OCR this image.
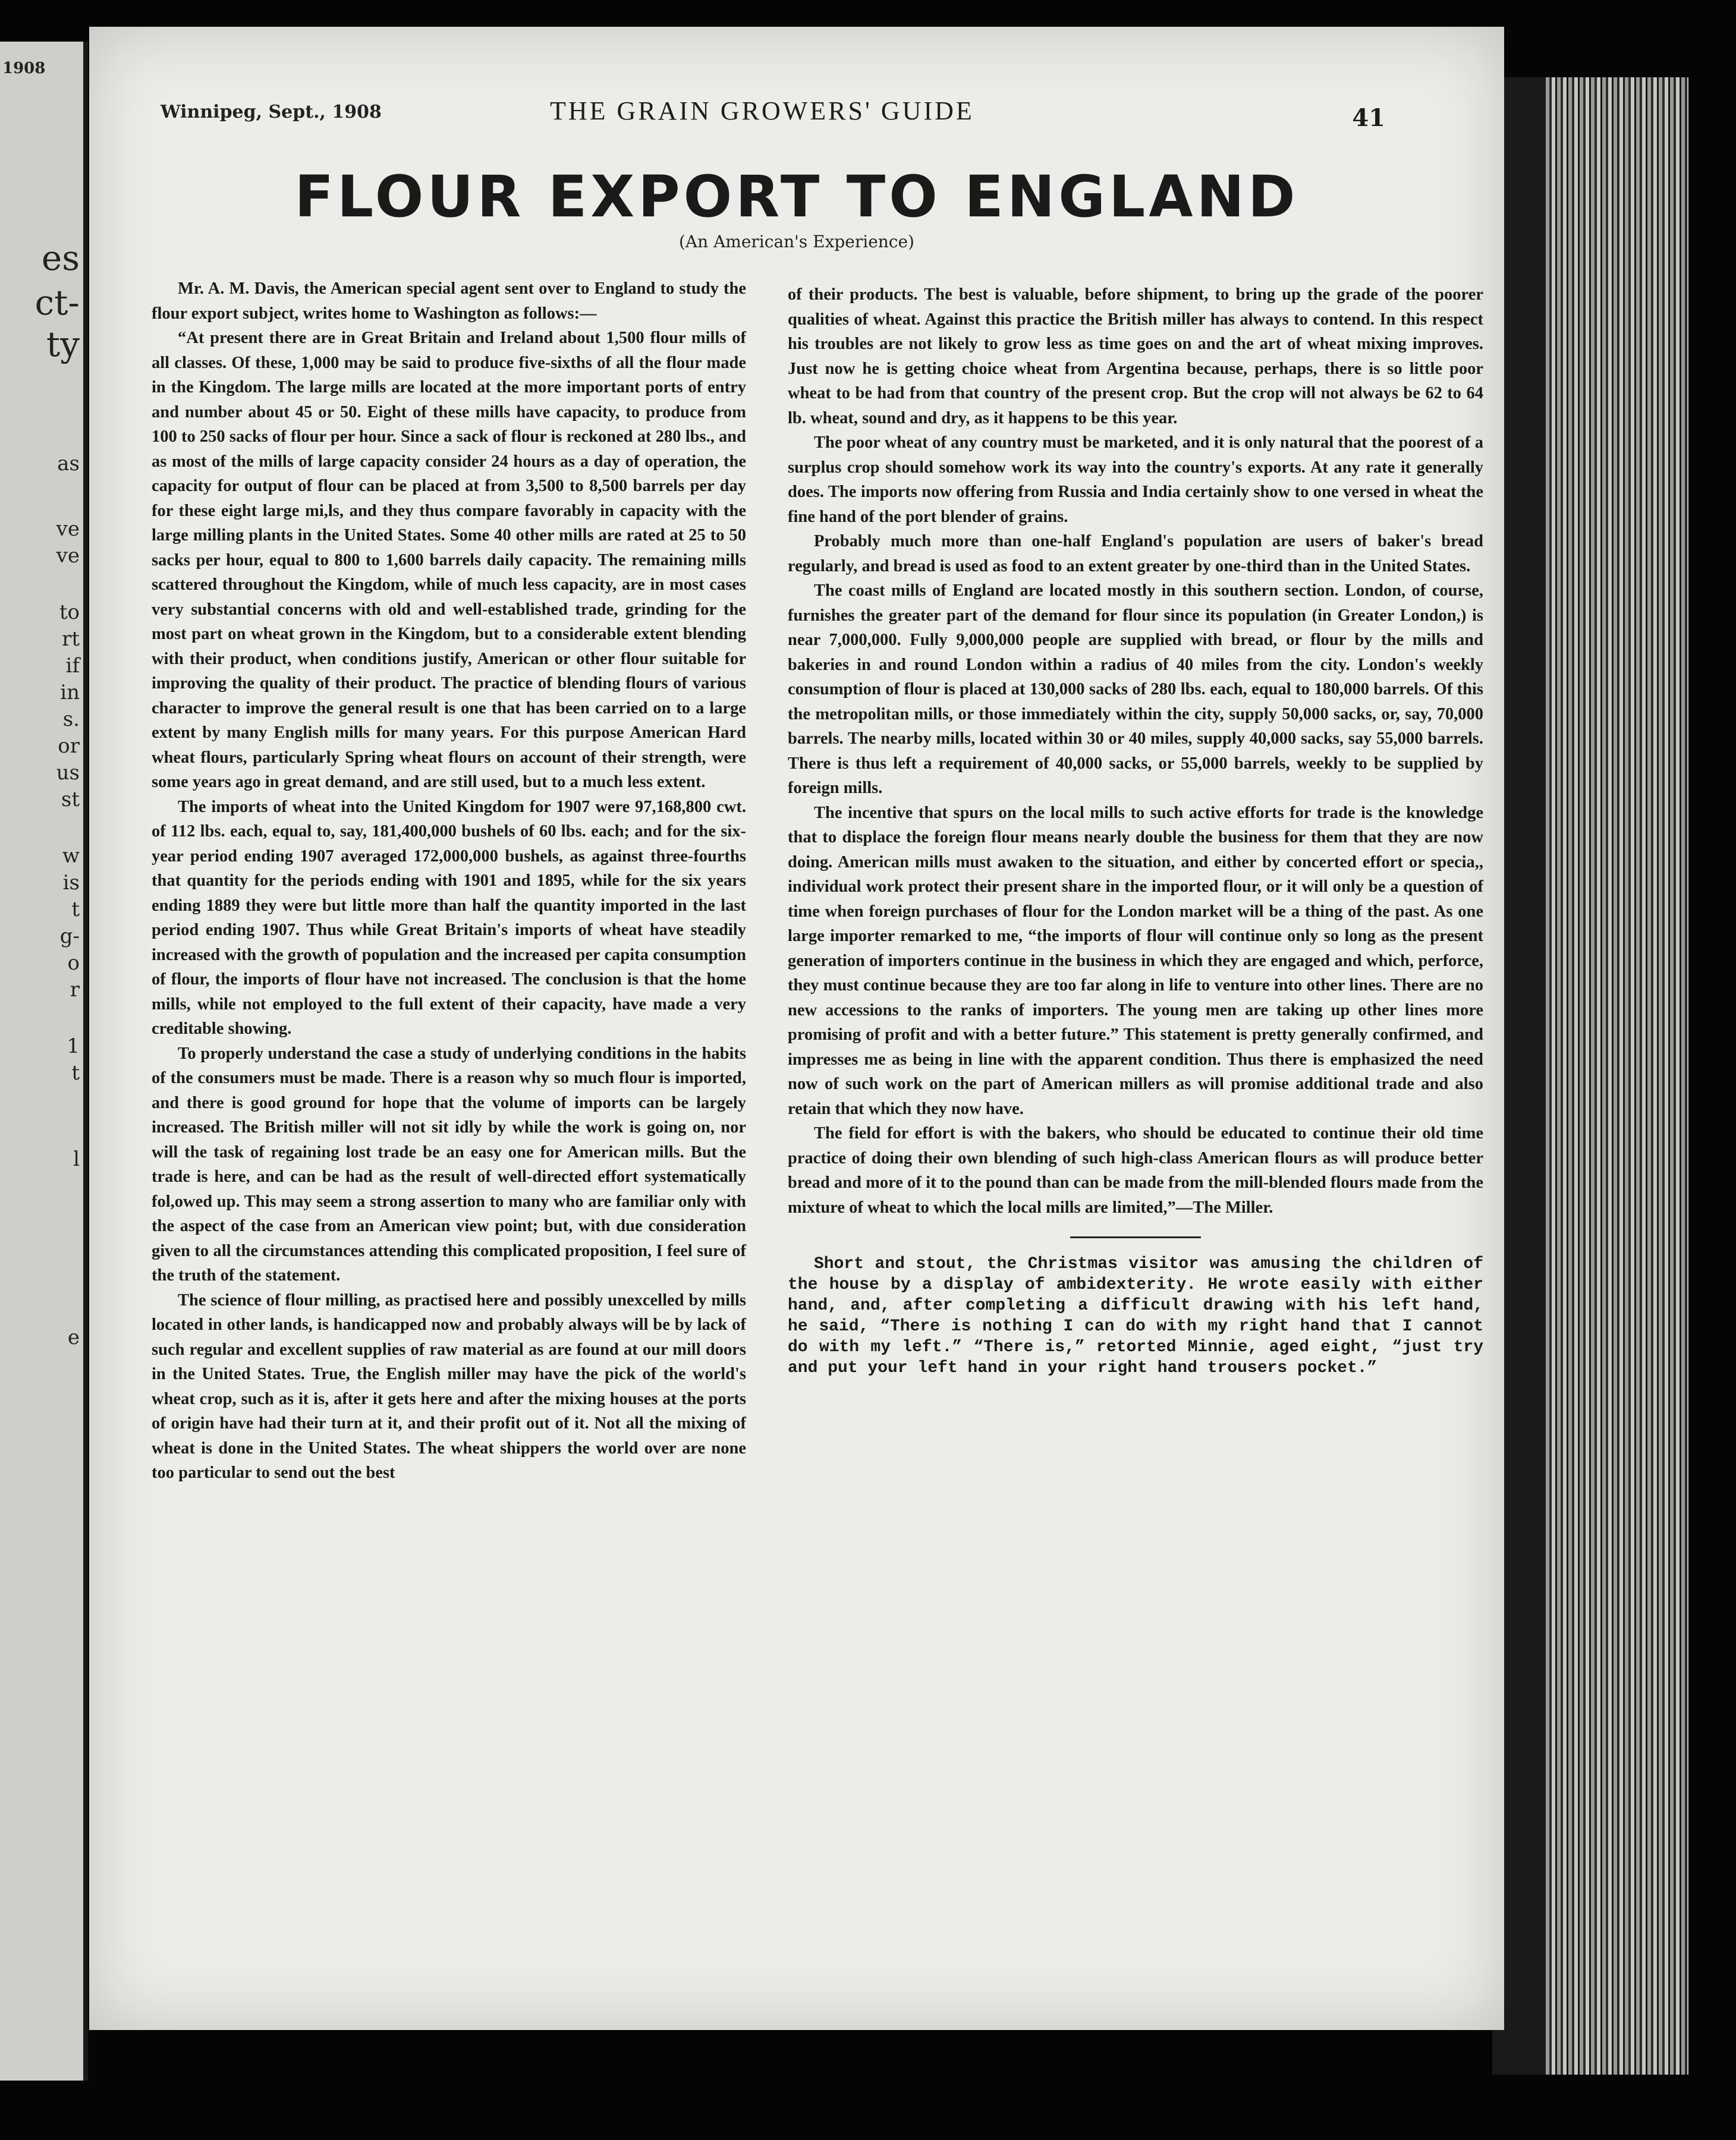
1908
es
ct-
ty
as
ve
ve
to
rt
if
in
s.
or
us
st
w
is
t
g-
o
r
1
t
l
e
Winnipeg, Sept., 1908	THE GRAIN GROWERS' GUIDE	41
FLOUR EXPORT TO ENGLAND
(An American's Experience)

Mr. A. M. Davis, the American special agent sent over to England to study the flour export subject, writes home to Washington as follows:—

“At present there are in Great Britain and Ireland about 1,500 flour mills of all classes. Of these, 1,000 may be said to produce five-sixths of all the flour made in the Kingdom. The large mills are located at the more important ports of entry and number about 45 or 50. Eight of these mills have capacity, to produce from 100 to 250 sacks of flour per hour. Since a sack of flour is reckoned at 280 lbs., and as most of the mills of large capacity consider 24 hours as a day of operation, the capacity for output of flour can be placed at from 3,500 to 8,500 barrels per day for these eight large mi,ls, and they thus compare favorably in capacity with the large milling plants in the United States. Some 40 other mills are rated at 25 to 50 sacks per hour, equal to 800 to 1,600 barrels daily capacity. The remaining mills scattered throughout the Kingdom, while of much less capacity, are in most cases very substantial concerns with old and well-established trade, grinding for the most part on wheat grown in the Kingdom, but to a considerable extent blending with their product, when conditions justify, American or other flour suitable for improving the quality of their product. The practice of blending flours of various character to improve the general result is one that has been carried on to a large extent by many English mills for many years. For this purpose American Hard wheat flours, particularly Spring wheat flours on account of their strength, were some years ago in great demand, and are still used, but to a much less extent.

The imports of wheat into the United Kingdom for 1907 were 97,168,800 cwt. of 112 lbs. each, equal to, say, 181,400,000 bushels of 60 lbs. each; and for the six-year period ending 1907 averaged 172,000,000 bushels, as against three-fourths that quantity for the periods ending with 1901 and 1895, while for the six years ending 1889 they were but little more than half the quantity imported in the last period ending 1907. Thus while Great Britain's imports of wheat have steadily increased with the growth of population and the increased per capita consumption of flour, the imports of flour have not increased. The conclusion is that the home mills, while not employed to the full extent of their capacity, have made a very creditable showing.

To properly understand the case a study of underlying conditions in the habits of the consumers must be made. There is a reason why so much flour is imported, and there is good ground for hope that the volume of imports can be largely increased. The British miller will not sit idly by while the work is going on, nor will the task of regaining lost trade be an easy one for American mills. But the trade is here, and can be had as the result of well-directed effort systematically fol,owed up. This may seem a strong assertion to many who are familiar only with the aspect of the case from an American view point; but, with due consideration given to all the circumstances attending this complicated proposition, I feel sure of the truth of the statement.

The science of flour milling, as practised here and possibly unexcelled by mills located in other lands, is handicapped now and probably always will be by lack of such regular and excellent supplies of raw material as are found at our mill doors in the United States. True, the English miller may have the pick of the world's wheat crop, such as it is, after it gets here and after the mixing houses at the ports of origin have had their turn at it, and their profit out of it. Not all the mixing of wheat is done in the United States. The wheat shippers the world over are none too particular to send out the best

of their products. The best is valuable, before shipment, to bring up the grade of the poorer qualities of wheat. Against this practice the British miller has always to contend. In this respect his troubles are not likely to grow less as time goes on and the art of wheat mixing improves. Just now he is getting choice wheat from Argentina because, perhaps, there is so little poor wheat to be had from that country of the present crop. But the crop will not always be 62 to 64 lb. wheat, sound and dry, as it happens to be this year.

The poor wheat of any country must be marketed, and it is only natural that the poorest of a surplus crop should somehow work its way into the country's exports. At any rate it generally does. The imports now offering from Russia and India certainly show to one versed in wheat the fine hand of the port blender of grains.

Probably much more than one-half England's population are users of baker's bread regularly, and bread is used as food to an extent greater by one-third than in the United States.

The coast mills of England are located mostly in this southern section. London, of course, furnishes the greater part of the demand for flour since its population (in Greater London,) is near 7,000,000. Fully 9,000,000 people are supplied with bread, or flour by the mills and bakeries in and round London within a radius of 40 miles from the city. London's weekly consumption of flour is placed at 130,000 sacks of 280 lbs. each, equal to 180,000 barrels. Of this the metropolitan mills, or those immediately within the city, supply 50,000 sacks, or, say, 70,000 barrels. The nearby mills, located within 30 or 40 miles, supply 40,000 sacks, say 55,000 barrels. There is thus left a requirement of 40,000 sacks, or 55,000 barrels, weekly to be supplied by foreign mills.

The incentive that spurs on the local mills to such active efforts for trade is the knowledge that to displace the foreign flour means nearly double the business for them that they are now doing. American mills must awaken to the situation, and either by concerted effort or specia,, individual work protect their present share in the imported flour, or it will only be a question of time when foreign purchases of flour for the London market will be a thing of the past. As one large importer remarked to me, “the imports of flour will continue only so long as the present generation of importers continue in the business in which they are engaged and which, perforce, they must continue because they are too far along in life to venture into other lines. There are no new accessions to the ranks of importers. The young men are taking up other lines more promising of profit and with a better future.” This statement is pretty generally confirmed, and impresses me as being in line with the apparent condition. Thus there is emphasized the need now of such work on the part of American millers as will promise additional trade and also retain that which they now have.

The field for effort is with the bakers, who should be educated to continue their old time practice of doing their own blending of such high-class American flours as will produce better bread and more of it to the pound than can be made from the mill-blended flours made from the mixture of wheat to which the local mills are limited,”—The Miller.

Short and stout, the Christmas visitor was amusing the children of the house by a display of ambidexterity. He wrote easily with either hand, and, after completing a difficult drawing with his left hand, he said, “There is nothing I can do with my right hand that I cannot do with my left.” “There is,” retorted Minnie, aged eight, “just try and put your left hand in your right hand trousers pocket.”
